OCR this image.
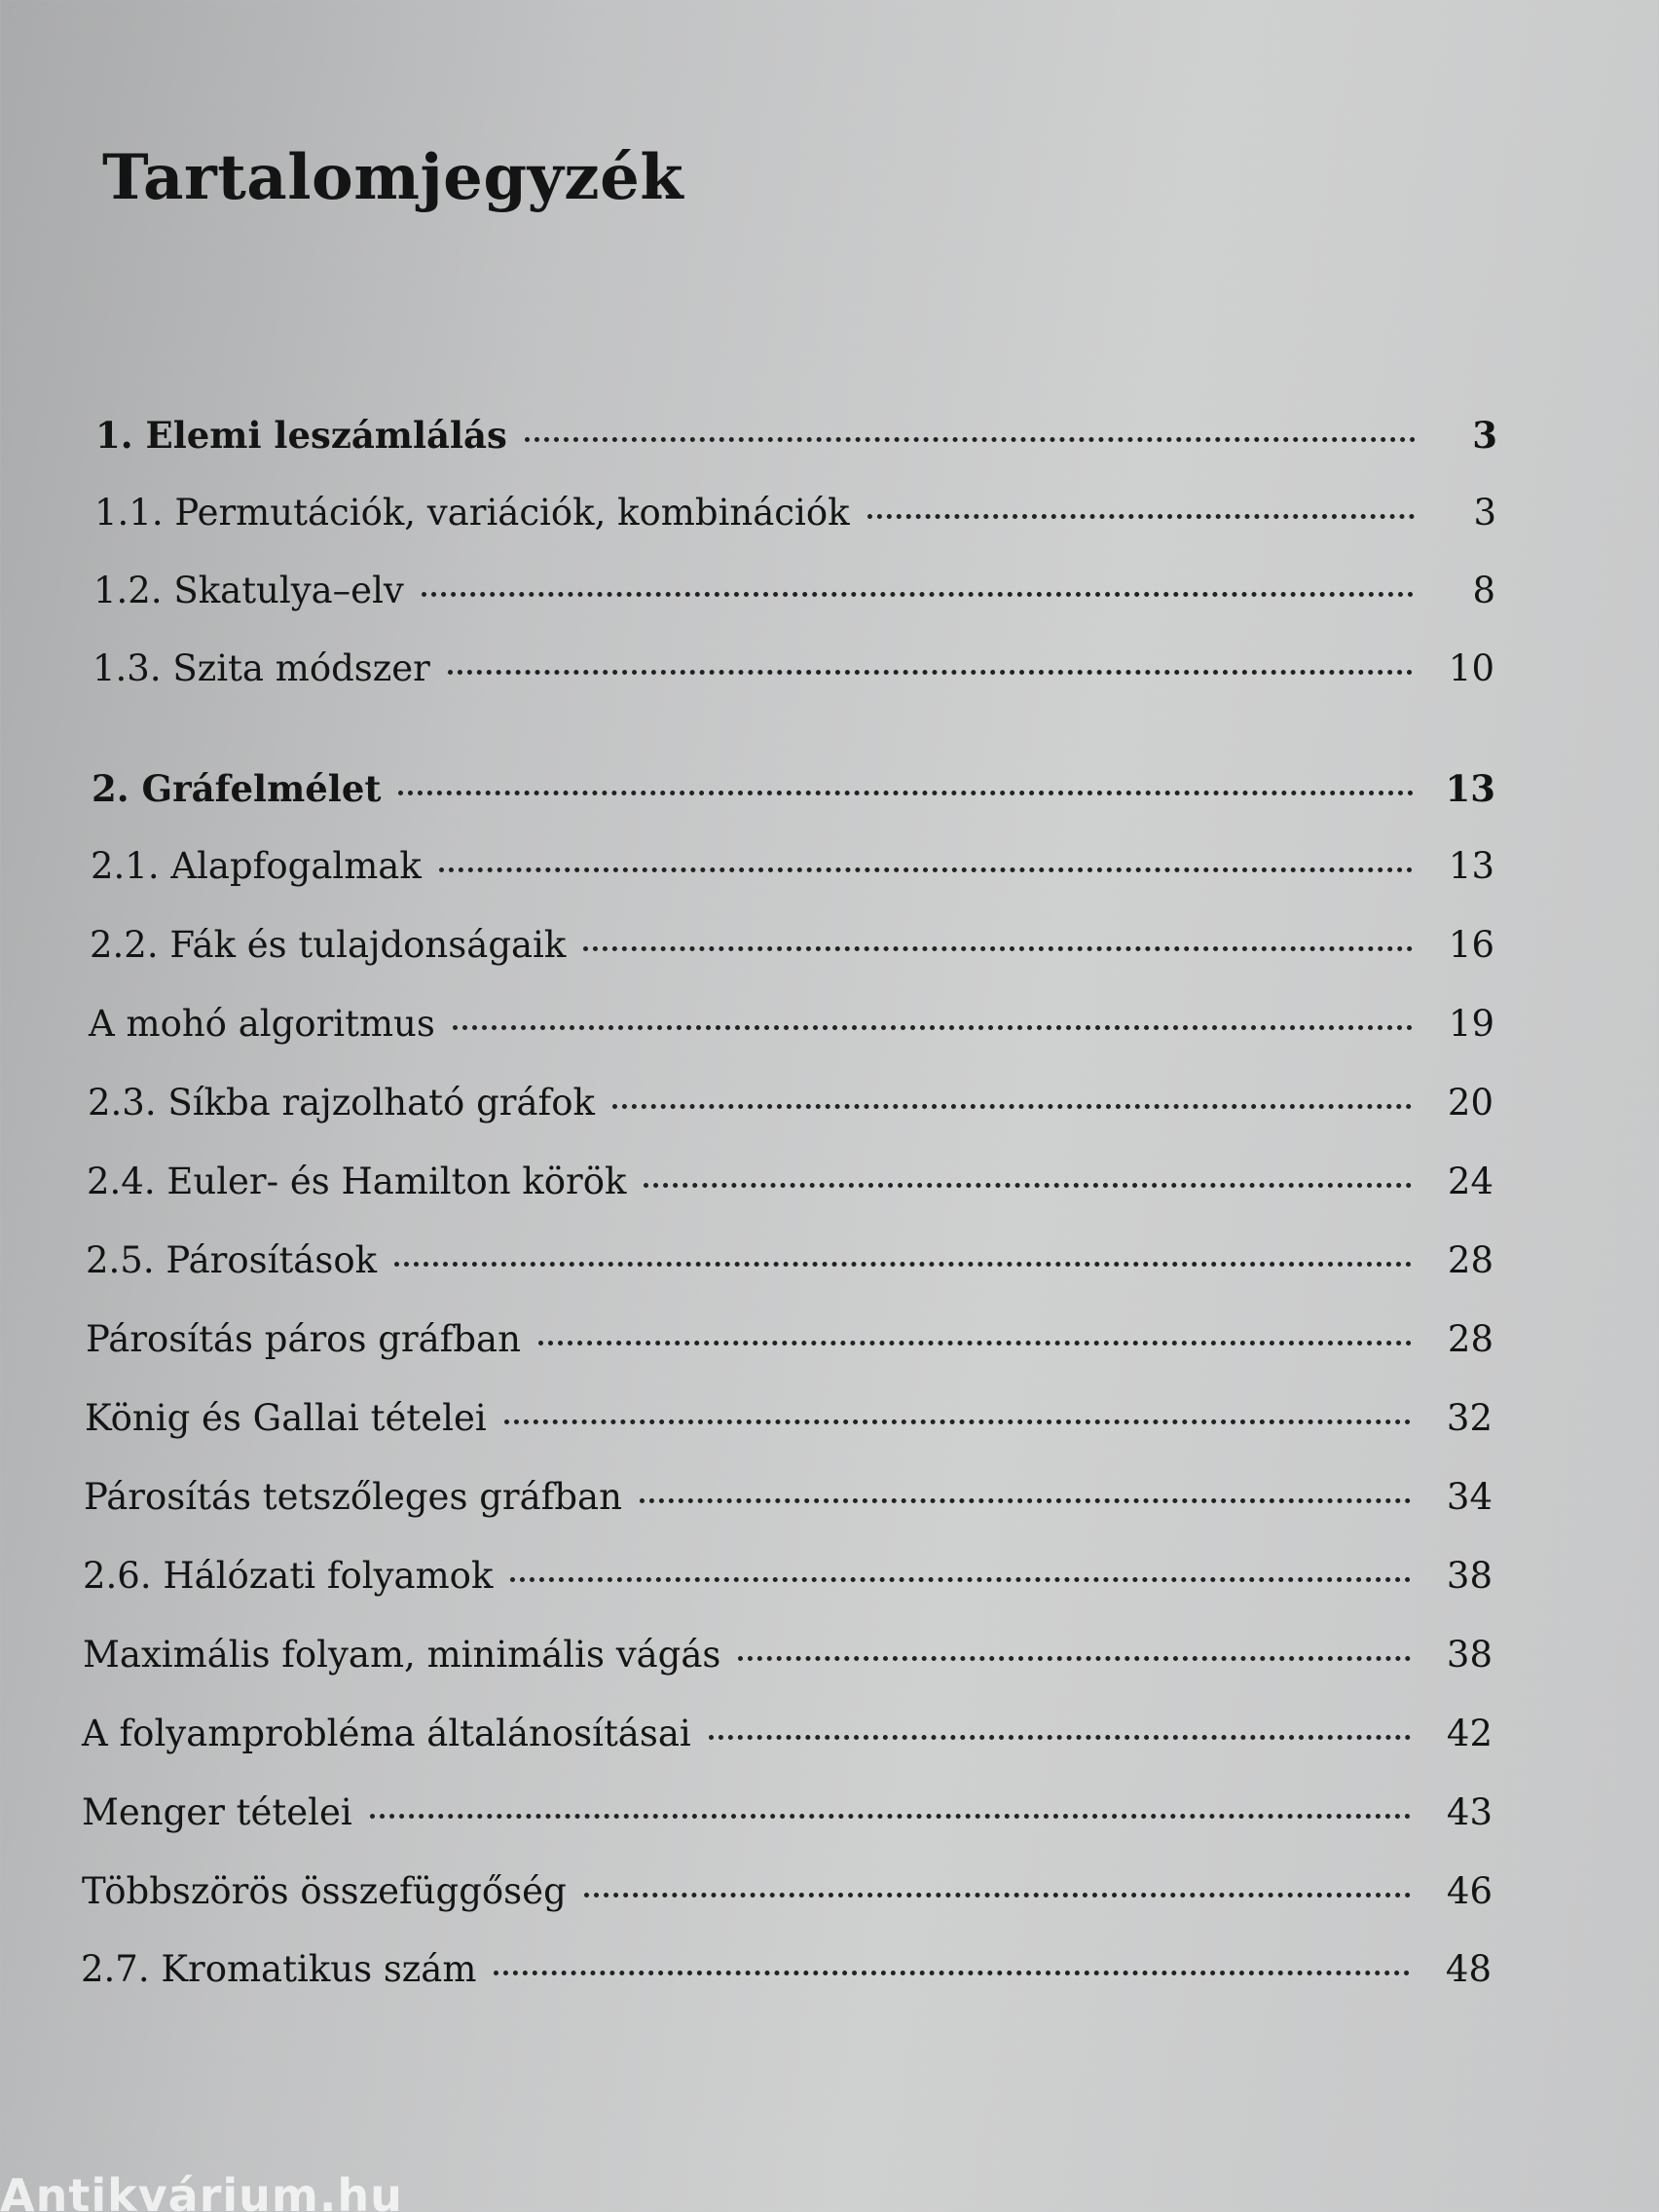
Tartalomjegyzék
1. Elemi leszámlálás	3
1.1. Permutációk, variációk, kombinációk	3
1.2. Skatulya–elv	8
1.3. Szita módszer	10
2. Gráfelmélet	13
2.1. Alapfogalmak	13
2.2. Fák és tulajdonságaik	16
A mohó algoritmus	19
2.3. Síkba rajzolható gráfok	20
2.4. Euler- és Hamilton körök	24
2.5. Párosítások	28
Párosítás páros gráfban	28
König és Gallai tételei	32
Párosítás tetszőleges gráfban	34
2.6. Hálózati folyamok	38
Maximális folyam, minimális vágás	38
A folyamprobléma általánosításai	42
Menger tételei	43
Többszörös összefüggőség	46
2.7. Kromatikus szám	48
Antikvárium.hu
